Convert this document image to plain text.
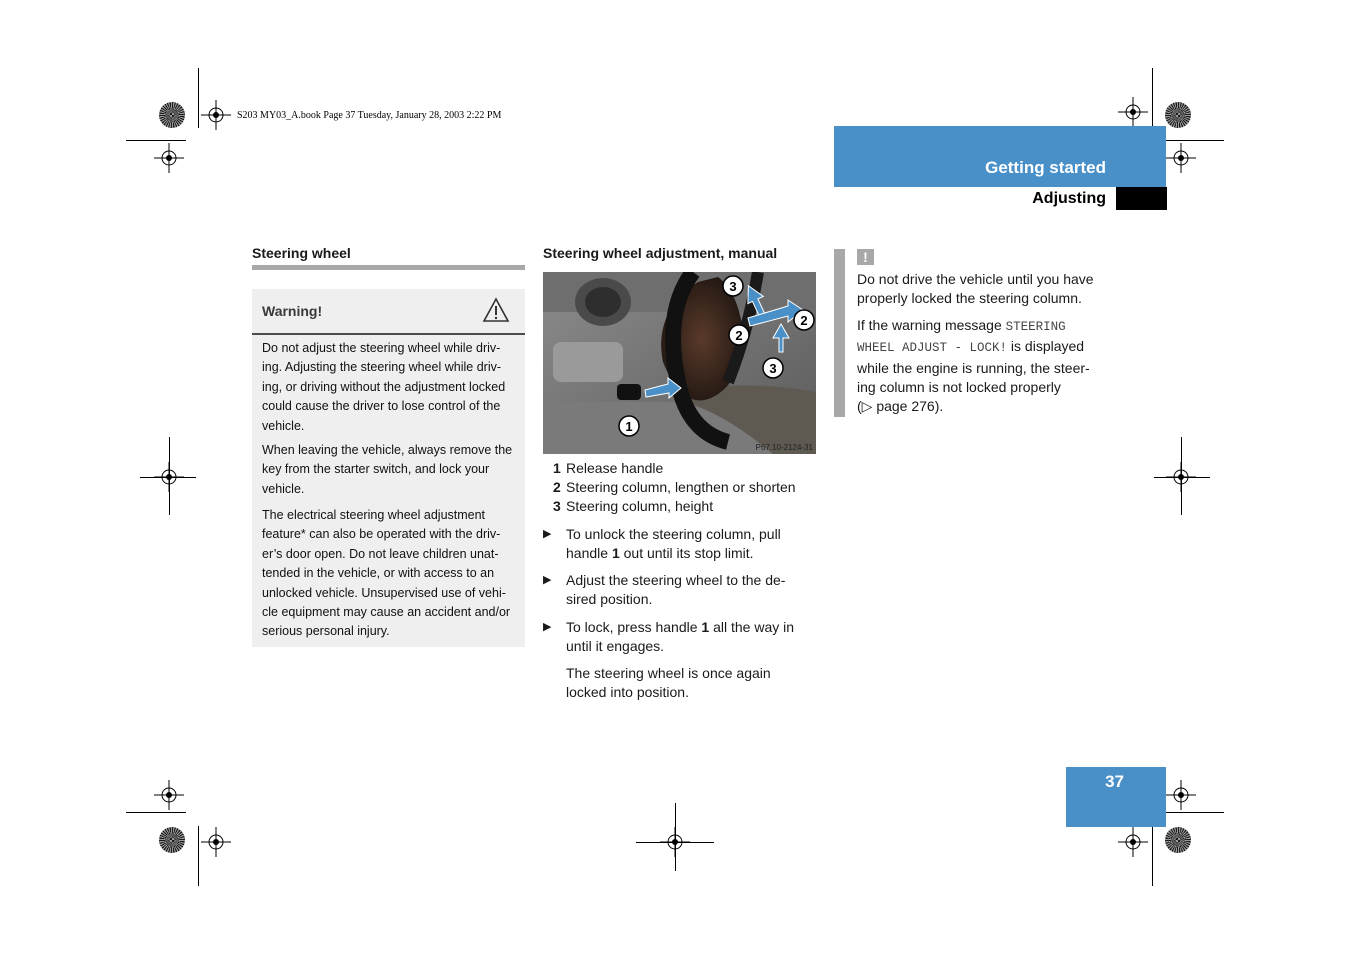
S203 MY03_A.book Page 37 Tuesday, January 28, 2003 2:22 PM
Getting started
Adjusting
Steering wheel
Warning!
Do not adjust the steering wheel while driv-ing. Adjusting the steering wheel while driv-ing, or driving without the adjustment locked could cause the driver to lose control of the vehicle.
When leaving the vehicle, always remove the key from the starter switch, and lock your vehicle.
The electrical steering wheel adjustment feature* can also be operated with the driv-er’s door open. Do not leave children unat-tended in the vehicle, or with access to an unlocked vehicle. Unsupervised use of vehi-cle equipment may cause an accident and/or serious personal injury.
Steering wheel adjustment, manual
3
2
2
3
1
P67.10-2124-31
1 Release handle
2 Steering column, lengthen or shorten
3 Steering column, height
▶ To unlock the steering column, pull handle 1 out until its stop limit.
▶ Adjust the steering wheel to the de-sired position.
▶ To lock, press handle 1 all the way in until it engages.
The steering wheel is once again locked into position.
!
Do not drive the vehicle until you have properly locked the steering column.
If the warning message STEERING WHEEL ADJUST - LOCK! is displayed while the engine is running, the steer-ing column is not locked properly
(▷ page 276).
37
